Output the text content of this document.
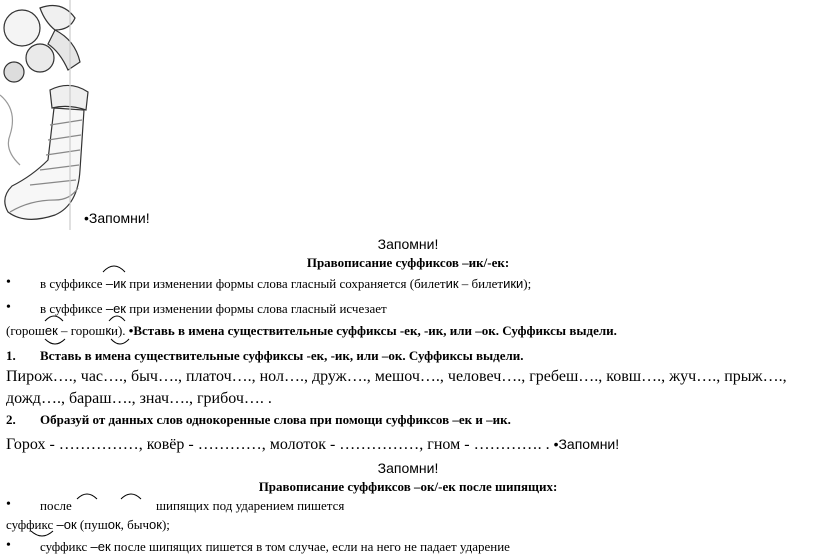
•Запомни!
Запомни!
Правописание суффиксов –ик/-ек:
• в суффиксе –ик при изменении формы слова гласный сохраняется (билетик – билетики);
• в суффиксе –ек при изменении формы слова гласный исчезает
(горошек – горошки). •Вставь в имена существительные суффиксы -ек, -ик, или –ок. Суффиксы выдели.
1. Вставь в имена существительные суффиксы -ек, -ик, или –ок. Суффиксы выдели.
Пирож…., час…., быч…., платоч…., нол…., друж…., мешоч…., человеч…., гребеш…., ковш…., жуч…., прыж….,
дожд…., бараш…., знач…., грибоч…. .
2. Образуй от данных слов однокоренные слова при помощи суффиксов –ек и –ик.
Горох - ……………, ковёр - …………, молоток - ……………, гном - …………. . •Запомни!
Запомни!
Правописание суффиксов –ок/-ек после шипящих:
• после	шипящих под ударением пишется
суффикс –ок (пушок, бычок);
• суффикс –ек после шипящих пишется в том случае, если на него не падает ударение
